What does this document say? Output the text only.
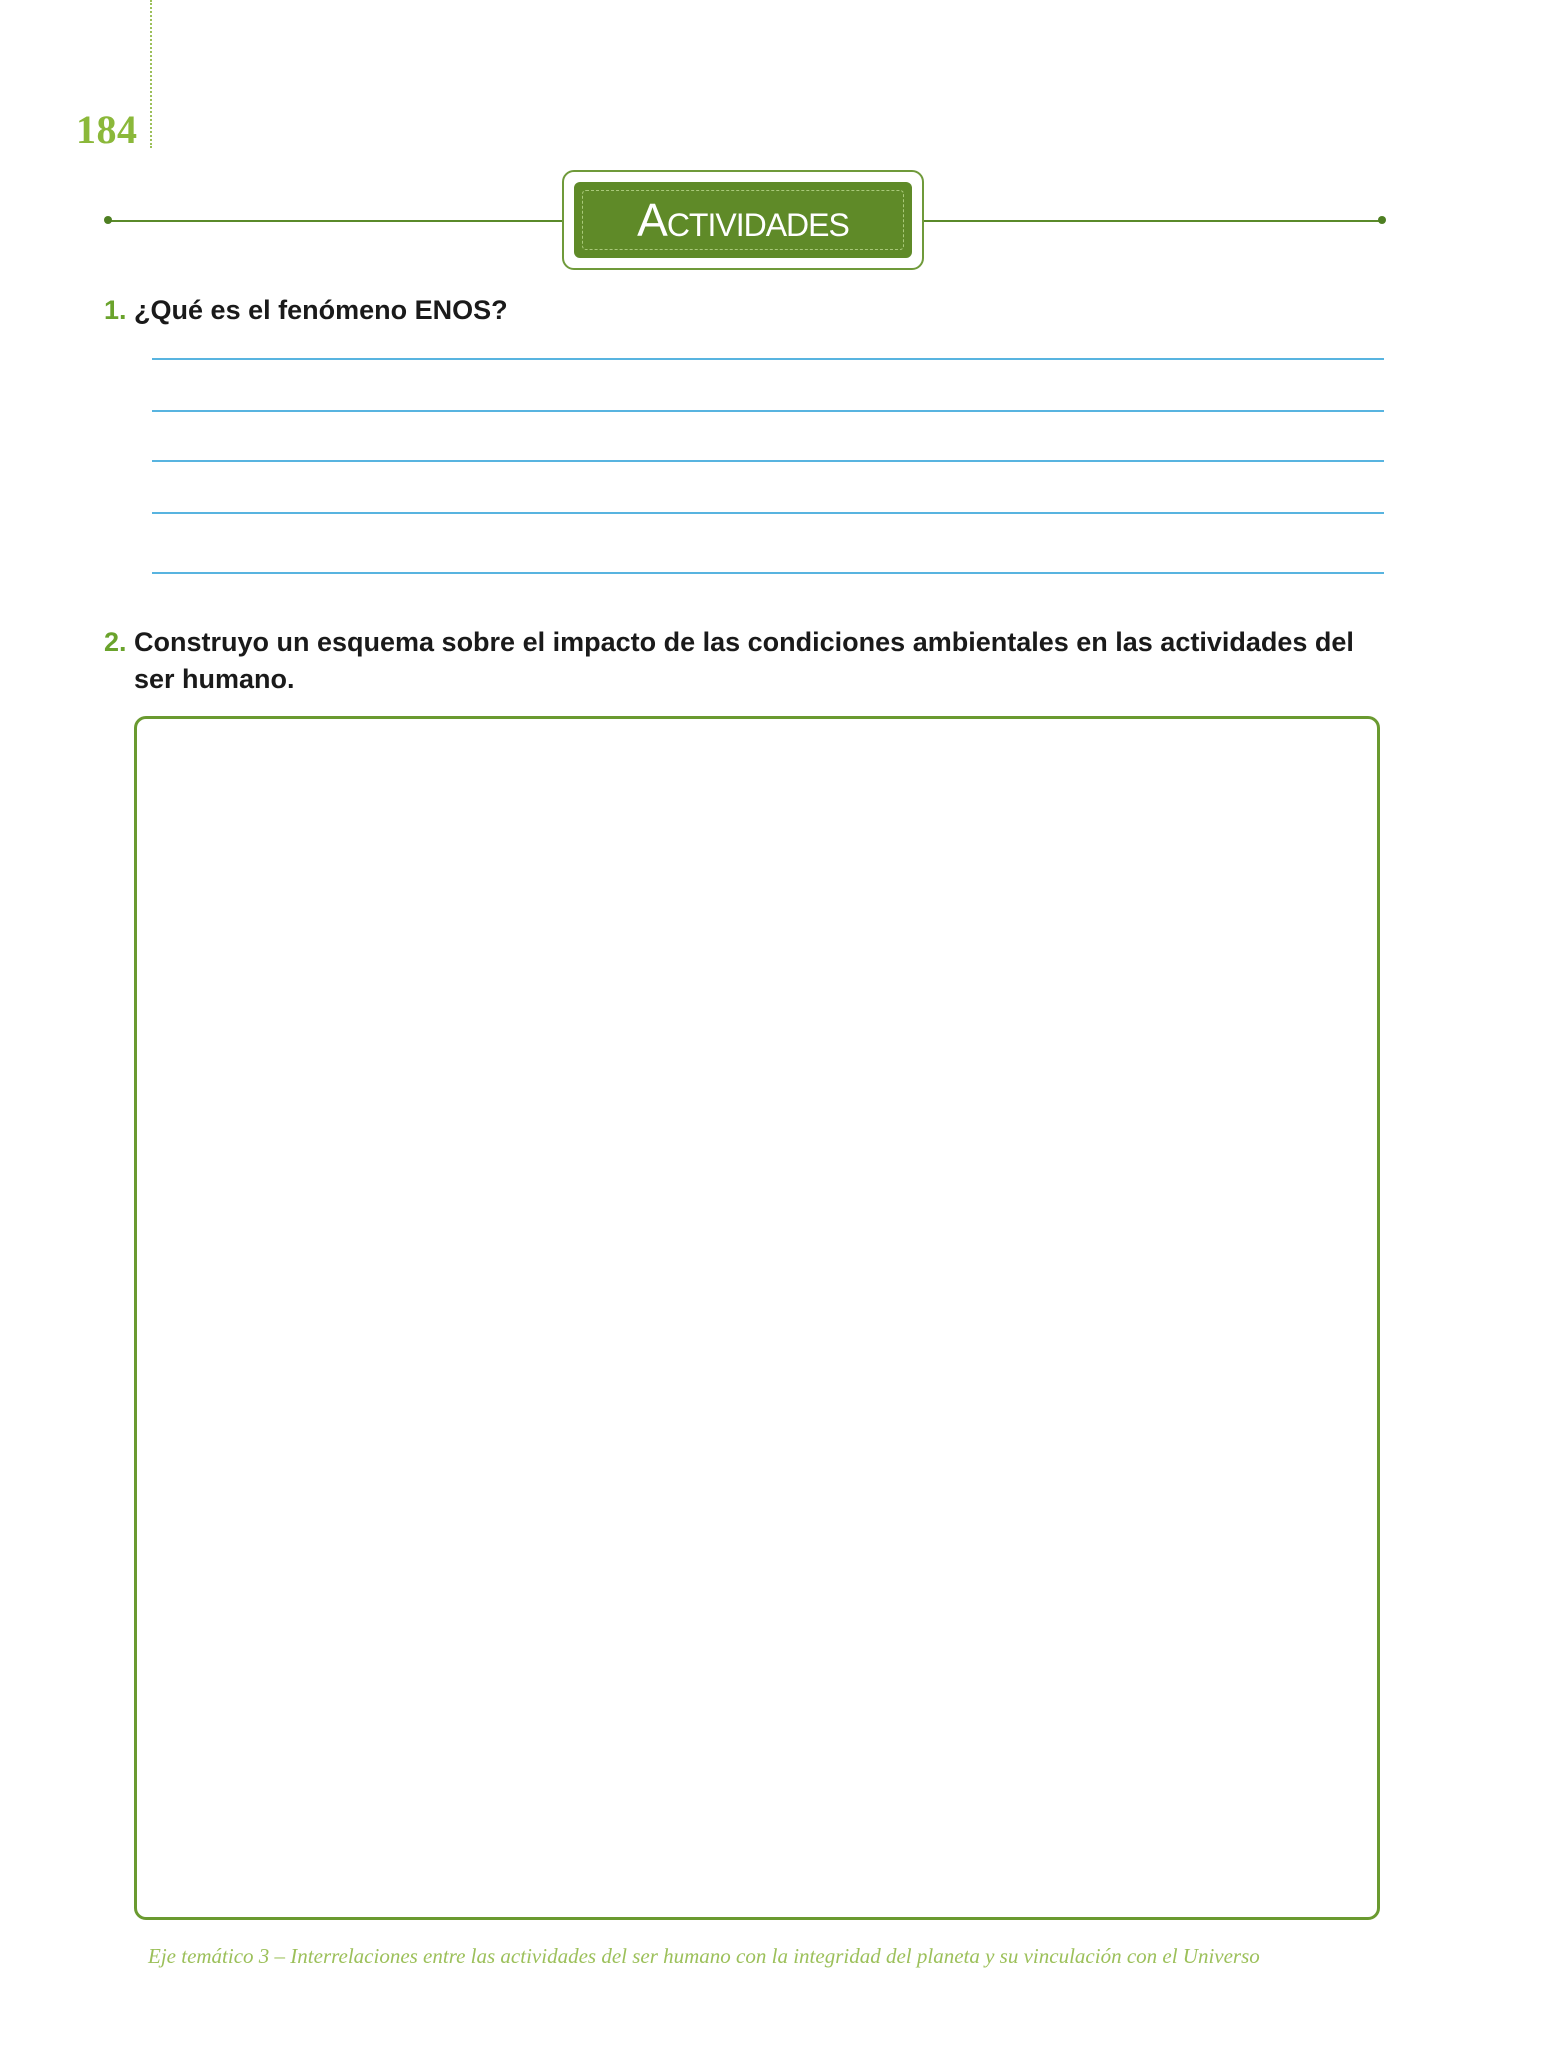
184
Actividades
1. ¿Qué es el fenómeno ENOS?
2. Construyo un esquema sobre el impacto de las condiciones ambientales en las actividades del ser humano.
Eje temático 3 – Interrelaciones entre las actividades del ser humano con la integridad del planeta y su vinculación con el Universo
